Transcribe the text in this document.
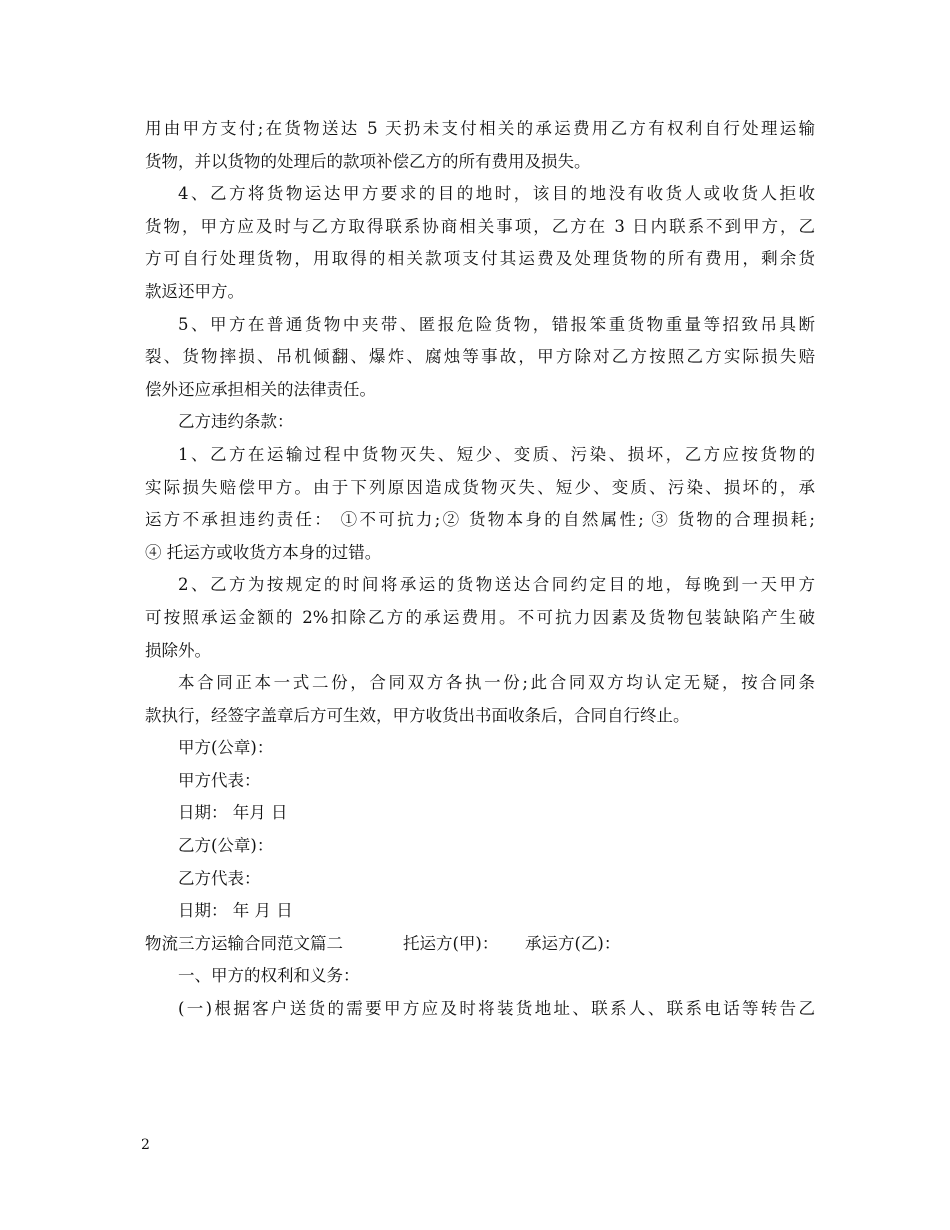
用由甲方支付;在货物送达 5 天扔未支付相关的承运费用乙方有权利自行处理运输
货物，并以货物的处理后的款项补偿乙方的所有费用及损失。
4、乙方将货物运达甲方要求的目的地时，该目的地没有收货人或收货人拒收
货物，甲方应及时与乙方取得联系协商相关事项，乙方在 3 日内联系不到甲方，乙
方可自行处理货物，用取得的相关款项支付其运费及处理货物的所有费用，剩余货
款返还甲方。
5、甲方在普通货物中夹带、匿报危险货物，错报笨重货物重量等招致吊具断
裂、货物摔损、吊机倾翻、爆炸、腐烛等事故，甲方除对乙方按照乙方实际损失赔
偿外还应承担相关的法律责任。
乙方违约条款：
1、乙方在运输过程中货物灭失、短少、变质、污染、损坏，乙方应按货物的
实际损失赔偿甲方。由于下列原因造成货物灭失、短少、变质、污染、损坏的，承
运方不承担违约责任： ①不可抗力;② 货物本身的自然属性; ③ 货物的合理损耗;
④ 托运方或收货方本身的过错。
2、乙方为按规定的时间将承运的货物送达合同约定目的地，每晚到一天甲方
可按照承运金额的 2%扣除乙方的承运费用。不可抗力因素及货物包装缺陷产生破
损除外。
本合同正本一式二份，合同双方各执一份;此合同双方均认定无疑，按合同条
款执行，经签字盖章后方可生效，甲方收货出书面收条后，合同自行终止。
甲方(公章)：
甲方代表：
日期： 年月 日
乙方(公章)：
乙方代表：
日期： 年 月 日
物流三方运输合同范文篇二	托运方(甲)：	承运方(乙)：
一、甲方的权利和义务：
(一)根据客户送货的需要甲方应及时将装货地址、联系人、联系电话等转告乙
2
